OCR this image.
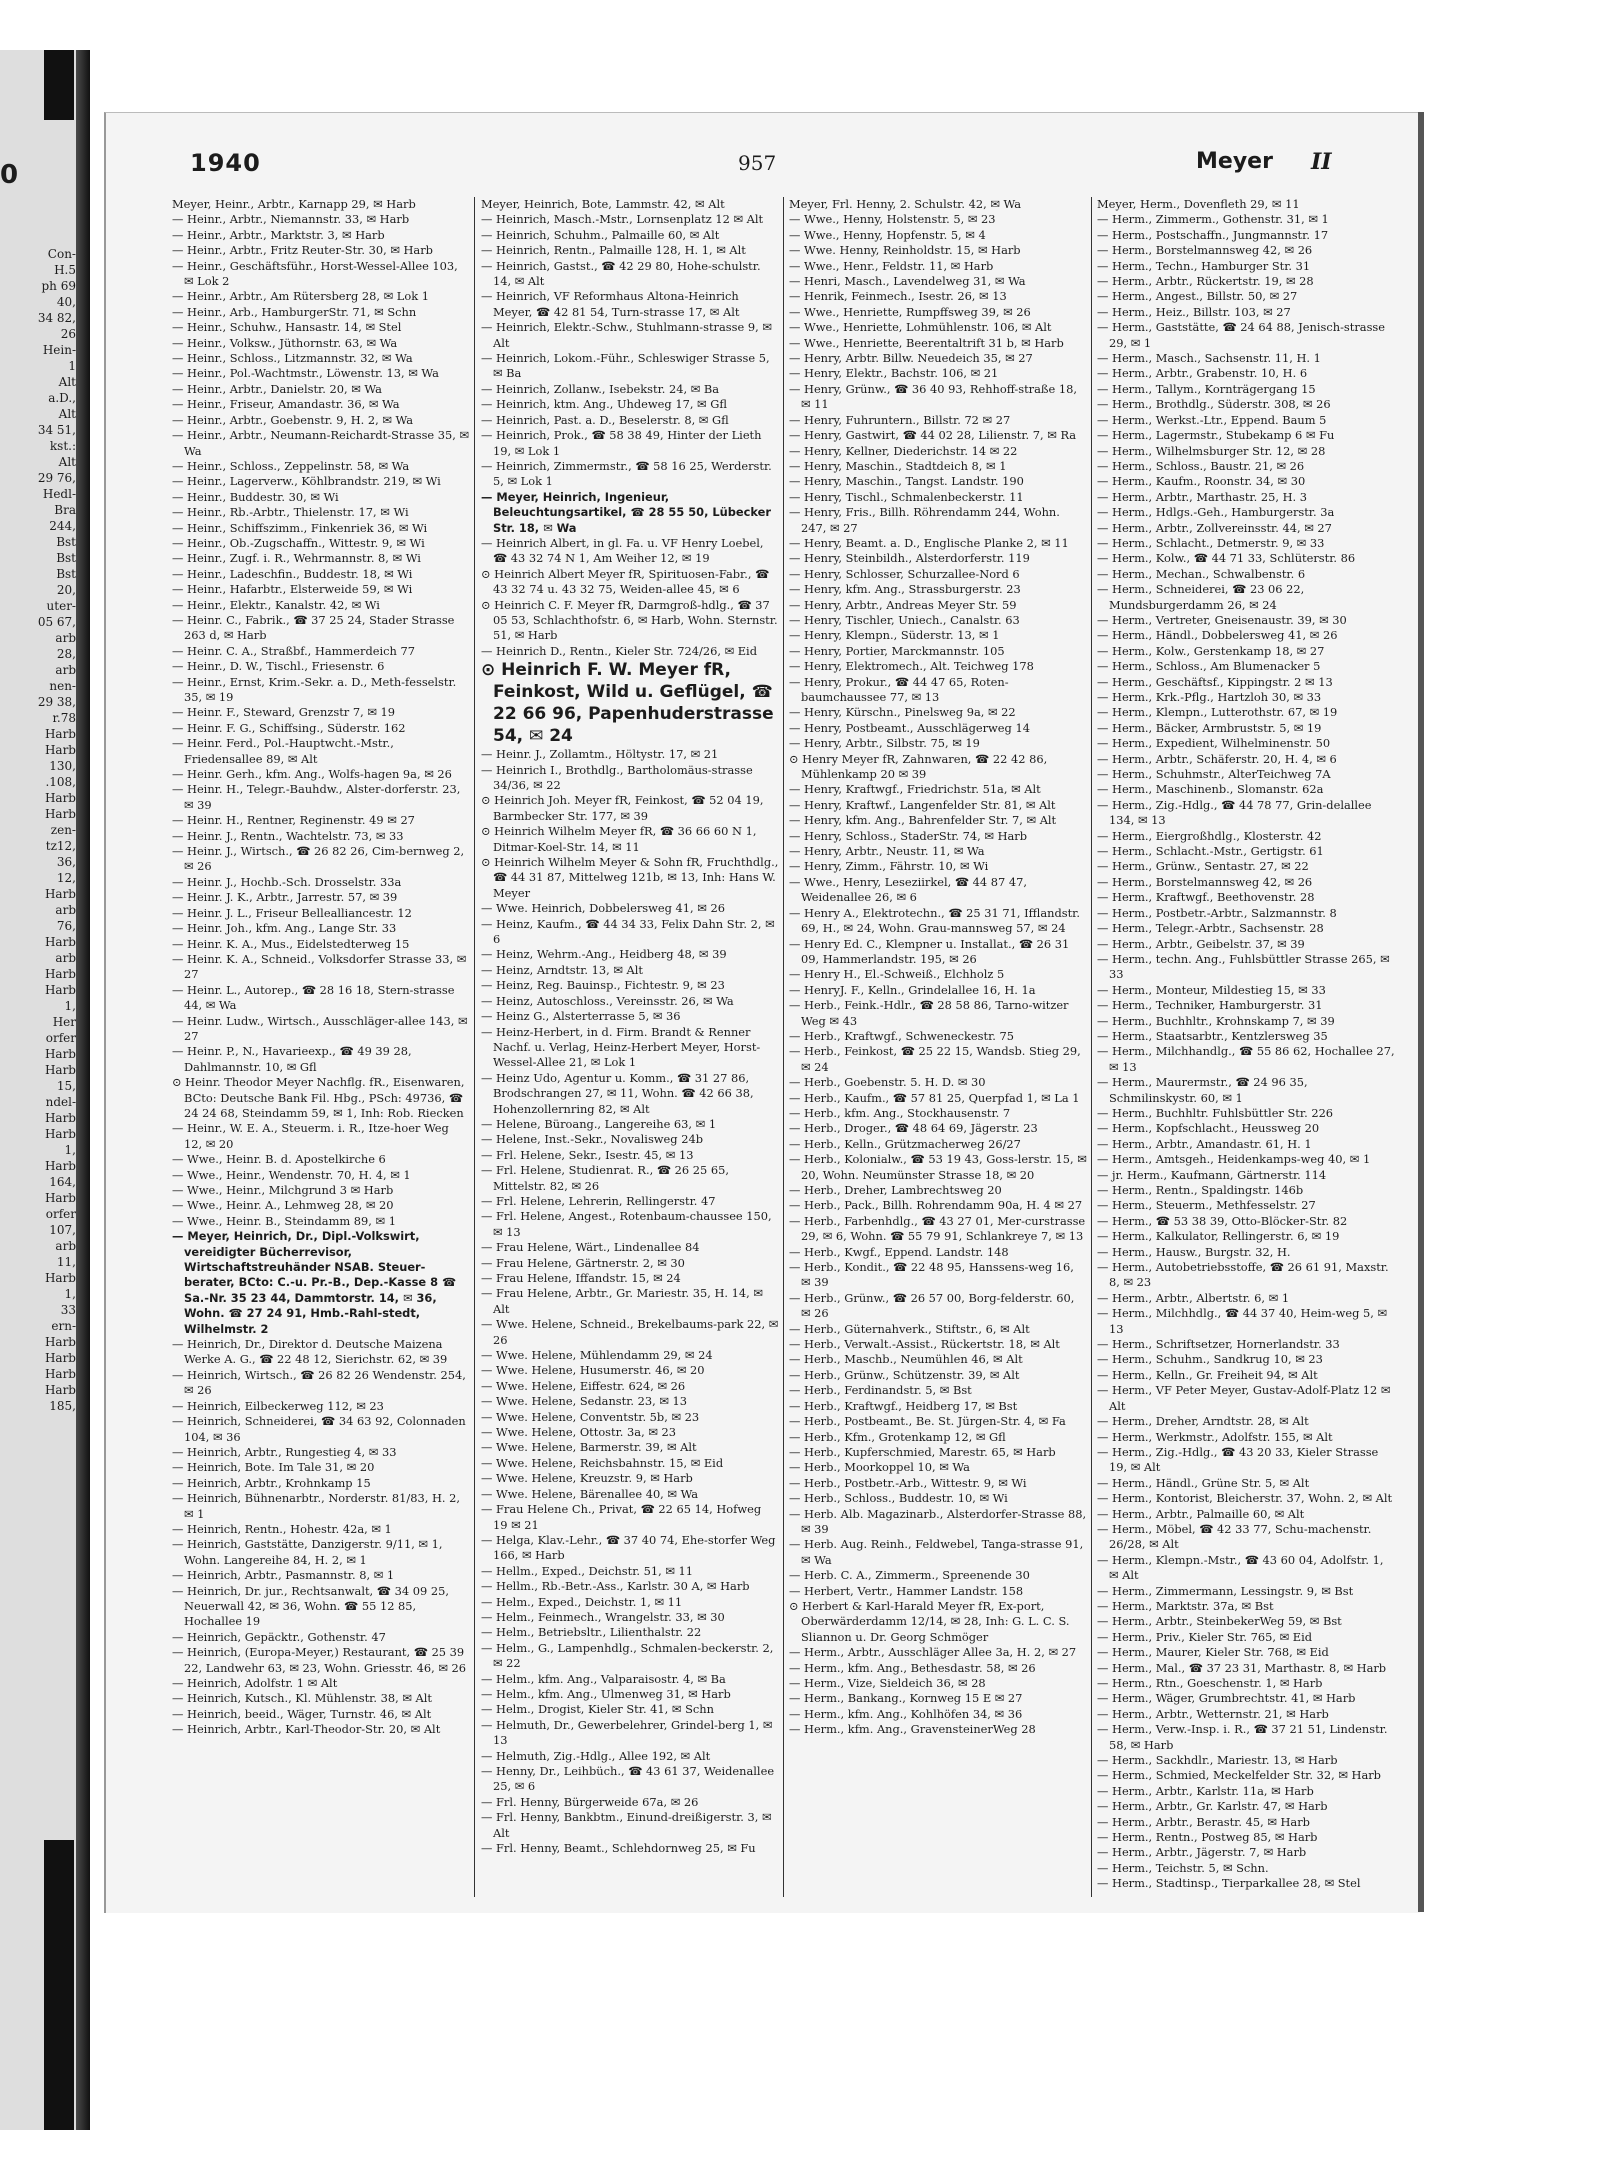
0
Con-
H.5
ph 69
40,
34 82,
26
Hein-
1
Alt
a.D.,
Alt
34 51,
kst.:
Alt
29 76,
Hedl-
Bra
244,
Bst
Bst
Bst
20,
uter-
05 67,
arb
28,
arb
nen-
29 38,
r.78
Harb
Harb
130,
.108,
Harb
Harb
zen-
tz12,
36,
12,
Harb
arb
76,
Harb
arb
Harb
Harb
1,
Her
orfer
Harb
Harb
15,
ndel-
Harb
Harb
1,
Harb
164,
Harb
orfer
107,
arb
11,
Harb
1,
33
ern-
Harb
Harb
Harb
Harb
185,
1940	957	Meyer II

Meyer, Heinr., Arbtr., Karnapp 29, ✉ Harb

— Heinr., Arbtr., Niemannstr. 33, ✉ Harb

— Heinr., Arbtr., Marktstr. 3, ✉ Harb

— Heinr., Arbtr., Fritz Reuter-Str. 30, ✉ Harb

— Heinr., Geschäftsführ., Horst-Wessel-Allee 103, ✉ Lok 2

— Heinr., Arbtr., Am Rütersberg 28, ✉ Lok 1

— Heinr., Arb., HamburgerStr. 71, ✉ Schn

— Heinr., Schuhw., Hansastr. 14, ✉ Stel

— Heinr., Volksw., Jüthornstr. 63, ✉ Wa

— Heinr., Schloss., Litzmannstr. 32, ✉ Wa

— Heinr., Pol.-Wachtmstr., Löwenstr. 13, ✉ Wa

— Heinr., Arbtr., Danielstr. 20, ✉ Wa

— Heinr., Friseur, Amandastr. 36, ✉ Wa

— Heinr., Arbtr., Goebenstr. 9, H. 2, ✉ Wa

— Heinr., Arbtr., Neumann-Reichardt-Strasse 35, ✉ Wa

— Heinr., Schloss., Zeppelinstr. 58, ✉ Wa

— Heinr., Lagerverw., Köhlbrandstr. 219, ✉ Wi

— Heinr., Buddestr. 30, ✉ Wi

— Heinr., Rb.-Arbtr., Thielenstr. 17, ✉ Wi

— Heinr., Schiffszimm., Finkenriek 36, ✉ Wi

— Heinr., Ob.-Zugschaffn., Wittestr. 9, ✉ Wi

— Heinr., Zugf. i. R., Wehrmannstr. 8, ✉ Wi

— Heinr., Ladeschfin., Buddestr. 18, ✉ Wi

— Heinr., Hafarbtr., Elsterweide 59, ✉ Wi

— Heinr., Elektr., Kanalstr. 42, ✉ Wi

— Heinr. C., Fabrik., ☎ 37 25 24, Stader Strasse 263 d, ✉ Harb

— Heinr. C. A., Straßbf., Hammerdeich 77

— Heinr., D. W., Tischl., Friesenstr. 6

— Heinr., Ernst, Krim.-Sekr. a. D., Meth-fesselstr. 35, ✉ 19

— Heinr. F., Steward, Grenzstr 7, ✉ 19

— Heinr. F. G., Schiffsing., Süderstr. 162

— Heinr. Ferd., Pol.-Hauptwcht.-Mstr., Friedensallee 89, ✉ Alt

— Heinr. Gerh., kfm. Ang., Wolfs-hagen 9a, ✉ 26

— Heinr. H., Telegr.-Bauhdw., Alster-dorferstr. 23, ✉ 39

— Heinr. H., Rentner, Reginenstr. 49 ✉ 27

— Heinr. J., Rentn., Wachtelstr. 73, ✉ 33

— Heinr. J., Wirtsch., ☎ 26 82 26, Cim-bernweg 2, ✉ 26

— Heinr. J., Hochb.-Sch. Drosselstr. 33a

— Heinr. J. K., Arbtr., Jarrestr. 57, ✉ 39

— Heinr. J. L., Friseur Bellealliancestr. 12

— Heinr. Joh., kfm. Ang., Lange Str. 33

— Heinr. K. A., Mus., Eidelstedterweg 15

— Heinr. K. A., Schneid., Volksdorfer Strasse 33, ✉ 27

— Heinr. L., Autorep., ☎ 28 16 18, Stern-strasse 44, ✉ Wa

— Heinr. Ludw., Wirtsch., Ausschläger-allee 143, ✉ 27

— Heinr. P., N., Havarieexp., ☎ 49 39 28, Dahlmannstr. 10, ✉ Gfl

⊙ Heinr. Theodor Meyer Nachflg. fR., Eisenwaren, BCto: Deutsche Bank Fil. Hbg., PSch: 49736, ☎ 24 24 68, Steindamm 59, ✉ 1, Inh: Rob. Riecken

— Heinr., W. E. A., Steuerm. i. R., Itze-hoer Weg 12, ✉ 20

— Wwe., Heinr. B. d. Apostelkirche 6

— Wwe., Heinr., Wendenstr. 70, H. 4, ✉ 1

— Wwe., Heinr., Milchgrund 3 ✉ Harb

— Wwe., Heinr. A., Lehmweg 28, ✉ 20

— Wwe., Heinr. B., Steindamm 89, ✉ 1

— Meyer, Heinrich, Dr., Dipl.-Volkswirt, vereidigter Bücherrevisor, Wirtschaftstreuhänder NSAB. Steuer-berater, BCto: C.-u. Pr.-B., Dep.-Kasse 8 ☎ Sa.-Nr. 35 23 44, Dammtorstr. 14, ✉ 36, Wohn. ☎ 27 24 91, Hmb.-Rahl-stedt, Wilhelmstr. 2

— Heinrich, Dr., Direktor d. Deutsche Maizena Werke A. G., ☎ 22 48 12, Sierichstr. 62, ✉ 39

— Heinrich, Wirtsch., ☎ 26 82 26 Wendenstr. 254, ✉ 26

— Heinrich, Eilbeckerweg 112, ✉ 23

— Heinrich, Schneiderei, ☎ 34 63 92, Colonnaden 104, ✉ 36

— Heinrich, Arbtr., Rungestieg 4, ✉ 33

— Heinrich, Bote. Im Tale 31, ✉ 20

— Heinrich, Arbtr., Krohnkamp 15

— Heinrich, Bühnenarbtr., Norderstr. 81/83, H. 2, ✉ 1

— Heinrich, Rentn., Hohestr. 42a, ✉ 1

— Heinrich, Gaststätte, Danzigerstr. 9/11, ✉ 1, Wohn. Langereihe 84, H. 2, ✉ 1

— Heinrich, Arbtr., Pasmannstr. 8, ✉ 1

— Heinrich, Dr. jur., Rechtsanwalt, ☎ 34 09 25, Neuerwall 42, ✉ 36, Wohn. ☎ 55 12 85, Hochallee 19

— Heinrich, Gepäcktr., Gothenstr. 47

— Heinrich, (Europa-Meyer,) Restaurant, ☎ 25 39 22, Landwehr 63, ✉ 23, Wohn. Griesstr. 46, ✉ 26

— Heinrich, Adolfstr. 1 ✉ Alt

— Heinrich, Kutsch., Kl. Mühlenstr. 38, ✉ Alt

— Heinrich, beeid., Wäger, Turnstr. 46, ✉ Alt

— Heinrich, Arbtr., Karl-Theodor-Str. 20, ✉ Alt

Meyer, Heinrich, Bote, Lammstr. 42, ✉ Alt

— Heinrich, Masch.-Mstr., Lornsenplatz 12 ✉ Alt

— Heinrich, Schuhm., Palmaille 60, ✉ Alt

— Heinrich, Rentn., Palmaille 128, H. 1, ✉ Alt

— Heinrich, Gastst., ☎ 42 29 80, Hohe-schulstr. 14, ✉ Alt

— Heinrich, VF Reformhaus Altona-Heinrich Meyer, ☎ 42 81 54, Turn-strasse 17, ✉ Alt

— Heinrich, Elektr.-Schw., Stuhlmann-strasse 9, ✉ Alt

— Heinrich, Lokom.-Führ., Schleswiger Strasse 5, ✉ Ba

— Heinrich, Zollanw., Isebekstr. 24, ✉ Ba

— Heinrich, ktm. Ang., Uhdeweg 17, ✉ Gfl

— Heinrich, Past. a. D., Beselerstr. 8, ✉ Gfl

— Heinrich, Prok., ☎ 58 38 49, Hinter der Lieth 19, ✉ Lok 1

— Heinrich, Zimmermstr., ☎ 58 16 25, Werderstr. 5, ✉ Lok 1

— Meyer, Heinrich, Ingenieur, Beleuchtungsartikel, ☎ 28 55 50, Lübecker Str. 18, ✉ Wa

— Heinrich Albert, in gl. Fa. u. VF Henry Loebel, ☎ 43 32 74 N 1, Am Weiher 12, ✉ 19

⊙ Heinrich Albert Meyer fR, Spirituosen-Fabr., ☎ 43 32 74 u. 43 32 75, Weiden-allee 45, ✉ 6

⊙ Heinrich C. F. Meyer fR, Darmgroß-hdlg., ☎ 37 05 53, Schlachthofstr. 6, ✉ Harb, Wohn. Sternstr. 51, ✉ Harb

— Heinrich D., Rentn., Kieler Str. 724/26, ✉ Eid

⊙ Heinrich F. W. Meyer fR, Feinkost, Wild u. Geflügel, ☎ 22 66 96, Papenhuderstrasse 54, ✉ 24

— Heinr. J., Zollamtm., Höltystr. 17, ✉ 21

— Heinrich I., Brothdlg., Bartholomäus-strasse 34/36, ✉ 22

⊙ Heinrich Joh. Meyer fR, Feinkost, ☎ 52 04 19, Barmbecker Str. 177, ✉ 39

⊙ Heinrich Wilhelm Meyer fR, ☎ 36 66 60 N 1, Ditmar-Koel-Str. 14, ✉ 11

⊙ Heinrich Wilhelm Meyer & Sohn fR, Fruchthdlg., ☎ 44 31 87, Mittelweg 121b, ✉ 13, Inh: Hans W. Meyer

— Wwe. Heinrich, Dobbelersweg 41, ✉ 26

— Heinz, Kaufm., ☎ 44 34 33, Felix Dahn Str. 2, ✉ 6

— Heinz, Wehrm.-Ang., Heidberg 48, ✉ 39

— Heinz, Arndtstr. 13, ✉ Alt

— Heinz, Reg. Bauinsp., Fichtestr. 9, ✉ 23

— Heinz, Autoschloss., Vereinsstr. 26, ✉ Wa

— Heinz G., Alsterterrasse 5, ✉ 36

— Heinz-Herbert, in d. Firm. Brandt & Renner Nachf. u. Verlag, Heinz-Herbert Meyer, Horst-Wessel-Allee 21, ✉ Lok 1

— Heinz Udo, Agentur u. Komm., ☎ 31 27 86, Brodschrangen 27, ✉ 11, Wohn. ☎ 42 66 38, Hohenzollernring 82, ✉ Alt

— Helene, Büroang., Langereihe 63, ✉ 1

— Helene, Inst.-Sekr., Novalisweg 24b

— Frl. Helene, Sekr., Isestr. 45, ✉ 13

— Frl. Helene, Studienrat. R., ☎ 26 25 65, Mittelstr. 82, ✉ 26

— Frl. Helene, Lehrerin, Rellingerstr. 47

— Frl. Helene, Angest., Rotenbaum-chaussee 150, ✉ 13

— Frau Helene, Wärt., Lindenallee 84

— Frau Helene, Gärtnerstr. 2, ✉ 30

— Frau Helene, Iffandstr. 15, ✉ 24

— Frau Helene, Arbtr., Gr. Mariestr. 35, H. 14, ✉ Alt

— Wwe. Helene, Schneid., Brekelbaums-park 22, ✉ 26

— Wwe. Helene, Mühlendamm 29, ✉ 24

— Wwe. Helene, Husumerstr. 46, ✉ 20

— Wwe. Helene, Eiffestr. 624, ✉ 26

— Wwe. Helene, Sedanstr. 23, ✉ 13

— Wwe. Helene, Conventstr. 5b, ✉ 23

— Wwe. Helene, Ottostr. 3a, ✉ 23

— Wwe. Helene, Barmerstr. 39, ✉ Alt

— Wwe. Helene, Reichsbahnstr. 15, ✉ Eid

— Wwe. Helene, Kreuzstr. 9, ✉ Harb

— Wwe. Helene, Bärenallee 40, ✉ Wa

— Frau Helene Ch., Privat, ☎ 22 65 14, Hofweg 19 ✉ 21

— Helga, Klav.-Lehr., ☎ 37 40 74, Ehe-storfer Weg 166, ✉ Harb

— Hellm., Exped., Deichstr. 51, ✉ 11

— Hellm., Rb.-Betr.-Ass., Karlstr. 30 A, ✉ Harb

— Helm., Exped., Deichstr. 1, ✉ 11

— Helm., Feinmech., Wrangelstr. 33, ✉ 30

— Helm., Betriebsltr., Lilienthalstr. 22

— Helm., G., Lampenhdlg., Schmalen-beckerstr. 2, ✉ 22

— Helm., kfm. Ang., Valparaisostr. 4, ✉ Ba

— Helm., kfm. Ang., Ulmenweg 31, ✉ Harb

— Helm., Drogist, Kieler Str. 41, ✉ Schn

— Helmuth, Dr., Gewerbelehrer, Grindel-berg 1, ✉ 13

— Helmuth, Zig.-Hdlg., Allee 192, ✉ Alt

— Henny, Dr., Leihbüch., ☎ 43 61 37, Weidenallee 25, ✉ 6

— Frl. Henny, Bürgerweide 67a, ✉ 26

— Frl. Henny, Bankbtm., Einund-dreißigerstr. 3, ✉ Alt

— Frl. Henny, Beamt., Schlehdornweg 25, ✉ Fu

Meyer, Frl. Henny, 2. Schulstr. 42, ✉ Wa

— Wwe., Henny, Holstenstr. 5, ✉ 23

— Wwe., Henny, Hopfenstr. 5, ✉ 4

— Wwe. Henny, Reinholdstr. 15, ✉ Harb

— Wwe., Henr., Feldstr. 11, ✉ Harb

— Henri, Masch., Lavendelweg 31, ✉ Wa

— Henrik, Feinmech., Isestr. 26, ✉ 13

— Wwe., Henriette, Rumpffsweg 39, ✉ 26

— Wwe., Henriette, Lohmühlenstr. 106, ✉ Alt

— Wwe., Henriette, Beerentaltrift 31 b, ✉ Harb

— Henry, Arbtr. Billw. Neuedeich 35, ✉ 27

— Henry, Elektr., Bachstr. 106, ✉ 21

— Henry, Grünw., ☎ 36 40 93, Rehhoff-straße 18, ✉ 11

— Henry, Fuhruntern., Billstr. 72 ✉ 27

— Henry, Gastwirt, ☎ 44 02 28, Lilienstr. 7, ✉ Ra

— Henry, Kellner, Diederichstr. 14 ✉ 22

— Henry, Maschin., Stadtdeich 8, ✉ 1

— Henry, Maschin., Tangst. Landstr. 190

— Henry, Tischl., Schmalenbeckerstr. 11

— Henry, Fris., Billh. Röhrendamm 244, Wohn. 247, ✉ 27

— Henry, Beamt. a. D., Englische Planke 2, ✉ 11

— Henry, Steinbildh., Alsterdorferstr. 119

— Henry, Schlosser, Schurzallee-Nord 6

— Henry, kfm. Ang., Strassburgerstr. 23

— Henry, Arbtr., Andreas Meyer Str. 59

— Henry, Tischler, Uniech., Canalstr. 63

— Henry, Klempn., Süderstr. 13, ✉ 1

— Henry, Portier, Marckmannstr. 105

— Henry, Elektromech., Alt. Teichweg 178

— Henry, Prokur., ☎ 44 47 65, Roten-baumchaussee 77, ✉ 13

— Henry, Kürschn., Pinelsweg 9a, ✉ 22

— Henry, Postbeamt., Ausschlägerweg 14

— Henry, Arbtr., Silbstr. 75, ✉ 19

⊙ Henry Meyer fR, Zahnwaren, ☎ 22 42 86, Mühlenkamp 20 ✉ 39

— Henry, Kraftwgf., Friedrichstr. 51a, ✉ Alt

— Henry, Kraftwf., Langenfelder Str. 81, ✉ Alt

— Henry, kfm. Ang., Bahrenfelder Str. 7, ✉ Alt

— Henry, Schloss., StaderStr. 74, ✉ Harb

— Henry, Arbtr., Neustr. 11, ✉ Wa

— Henry, Zimm., Fährstr. 10, ✉ Wi

— Wwe., Henry, Leseziirkel, ☎ 44 87 47, Weidenallee 26, ✉ 6

— Henry A., Elektrotechn., ☎ 25 31 71, Ifflandstr. 69, H., ✉ 24, Wohn. Grau-mannsweg 57, ✉ 24

— Henry Ed. C., Klempner u. Installat., ☎ 26 31 09, Hammerlandstr. 195, ✉ 26

— Henry H., El.-Schweiß., Elchholz 5

— HenryJ. F., Kelln., Grindelallee 16, H. 1a

— Herb., Feink.-Hdlr., ☎ 28 58 86, Tarno-witzer Weg ✉ 43

— Herb., Kraftwgf., Schweneckestr. 75

— Herb., Feinkost, ☎ 25 22 15, Wandsb. Stieg 29, ✉ 24

— Herb., Goebenstr. 5. H. D. ✉ 30

— Herb., Kaufm., ☎ 57 81 25, Querpfad 1, ✉ La 1

— Herb., kfm. Ang., Stockhausenstr. 7

— Herb., Droger., ☎ 48 64 69, Jägerstr. 23

— Herb., Kelln., Grützmacherweg 26/27

— Herb., Kolonialw., ☎ 53 19 43, Goss-lerstr. 15, ✉ 20, Wohn. Neumünster Strasse 18, ✉ 20

— Herb., Dreher, Lambrechtsweg 20

— Herb., Pack., Billh. Rohrendamm 90a, H. 4 ✉ 27

— Herb., Farbenhdlg., ☎ 43 27 01, Mer-curstrasse 29, ✉ 6, Wohn. ☎ 55 79 91, Schlankreye 7, ✉ 13

— Herb., Kwgf., Eppend. Landstr. 148

— Herb., Kondit., ☎ 22 48 95, Hanssens-weg 16, ✉ 39

— Herb., Grünw., ☎ 26 57 00, Borg-felderstr. 60, ✉ 26

— Herb., Güternahverk., Stiftstr., 6, ✉ Alt

— Herb., Verwalt.-Assist., Rückertstr. 18, ✉ Alt

— Herb., Maschb., Neumühlen 46, ✉ Alt

— Herb., Grünw., Schützenstr. 39, ✉ Alt

— Herb., Ferdinandstr. 5, ✉ Bst

— Herb., Kraftwgf., Heidberg 17, ✉ Bst

— Herb., Postbeamt., Be. St. Jürgen-Str. 4, ✉ Fa

— Herb., Kfm., Grotenkamp 12, ✉ Gfl

— Herb., Kupferschmied, Marestr. 65, ✉ Harb

— Herb., Moorkoppel 10, ✉ Wa

— Herb., Postbetr.-Arb., Wittestr. 9, ✉ Wi

— Herb., Schloss., Buddestr. 10, ✉ Wi

— Herb. Alb. Magazinarb., Alsterdorfer-Strasse 88, ✉ 39

— Herb. Aug. Reinh., Feldwebel, Tanga-strasse 91, ✉ Wa

— Herb. C. A., Zimmerm., Spreenende 30

— Herbert, Vertr., Hammer Landstr. 158

⊙ Herbert & Karl-Harald Meyer fR, Ex-port, Oberwärderdamm 12/14, ✉ 28, Inh: G. L. C. S. Sliannon u. Dr. Georg Schmöger

— Herm., Arbtr., Ausschläger Allee 3a, H. 2, ✉ 27

— Herm., kfm. Ang., Bethesdastr. 58, ✉ 26

— Herm., Vize, Sieldeich 36, ✉ 28

— Herm., Bankang., Kornweg 15 E ✉ 27

— Herm., kfm. Ang., Kohlhöfen 34, ✉ 36

— Herm., kfm. Ang., GravensteinerWeg 28

Meyer, Herm., Dovenfleth 29, ✉ 11

— Herm., Zimmerm., Gothenstr. 31, ✉ 1

— Herm., Postschaffn., Jungmannstr. 17

— Herm., Borstelmannsweg 42, ✉ 26

— Herm., Techn., Hamburger Str. 31

— Herm., Arbtr., Rückertstr. 19, ✉ 28

— Herm., Angest., Billstr. 50, ✉ 27

— Herm., Heiz., Billstr. 103, ✉ 27

— Herm., Gaststätte, ☎ 24 64 88, Jenisch-strasse 29, ✉ 1

— Herm., Masch., Sachsenstr. 11, H. 1

— Herm., Arbtr., Grabenstr. 10, H. 6

— Herm., Tallym., Kornträgergang 15

— Herm., Brothdlg., Süderstr. 308, ✉ 26

— Herm., Werkst.-Ltr., Eppend. Baum 5

— Herm., Lagermstr., Stubekamp 6 ✉ Fu

— Herm., Wilhelmsburger Str. 12, ✉ 28

— Herm., Schloss., Baustr. 21, ✉ 26

— Herm., Kaufm., Roonstr. 34, ✉ 30

— Herm., Arbtr., Marthastr. 25, H. 3

— Herm., Hdlgs.-Geh., Hamburgerstr. 3a

— Herm., Arbtr., Zollvereinsstr. 44, ✉ 27

— Herm., Schlacht., Detmerstr. 9, ✉ 33

— Herm., Kolw., ☎ 44 71 33, Schlüterstr. 86

— Herm., Mechan., Schwalbenstr. 6

— Herm., Schneiderei, ☎ 23 06 22, Mundsburgerdamm 26, ✉ 24

— Herm., Vertreter, Gneisenaustr. 39, ✉ 30

— Herm., Händl., Dobbelersweg 41, ✉ 26

— Herm., Kolw., Gerstenkamp 18, ✉ 27

— Herm., Schloss., Am Blumenacker 5

— Herm., Geschäftsf., Kippingstr. 2 ✉ 13

— Herm., Krk.-Pflg., Hartzloh 30, ✉ 33

— Herm., Klempn., Lutterothstr. 67, ✉ 19

— Herm., Bäcker, Armbruststr. 5, ✉ 19

— Herm., Expedient, Wilhelminenstr. 50

— Herm., Arbtr., Schäferstr. 20, H. 4, ✉ 6

— Herm., Schuhmstr., AlterTeichweg 7A

— Herm., Maschinenb., Slomanstr. 62a

— Herm., Zig.-Hdlg., ☎ 44 78 77, Grin-delallee 134, ✉ 13

— Herm., Eiergroßhdlg., Klosterstr. 42

— Herm., Schlacht.-Mstr., Gertigstr. 61

— Herm., Grünw., Sentastr. 27, ✉ 22

— Herm., Borstelmannsweg 42, ✉ 26

— Herm., Kraftwgf., Beethovenstr. 28

— Herm., Postbetr.-Arbtr., Salzmannstr. 8

— Herm., Telegr.-Arbtr., Sachsenstr. 28

— Herm., Arbtr., Geibelstr. 37, ✉ 39

— Herm., techn. Ang., Fuhlsbüttler Strasse 265, ✉ 33

— Herm., Monteur, Mildestieg 15, ✉ 33

— Herm., Techniker, Hamburgerstr. 31

— Herm., Buchhltr., Krohnskamp 7, ✉ 39

— Herm., Staatsarbtr., Kentzlersweg 35

— Herm., Milchhandlg., ☎ 55 86 62, Hochallee 27, ✉ 13

— Herm., Maurermstr., ☎ 24 96 35, Schmilinskystr. 60, ✉ 1

— Herm., Buchhltr. Fuhlsbüttler Str. 226

— Herm., Kopfschlacht., Heussweg 20

— Herm., Arbtr., Amandastr. 61, H. 1

— Herm., Amtsgeh., Heidenkamps-weg 40, ✉ 1

— jr. Herm., Kaufmann, Gärtnerstr. 114

— Herm., Rentn., Spaldingstr. 146b

— Herm., Steuerm., Methfesselstr. 27

— Herm., ☎ 53 38 39, Otto-Blöcker-Str. 82

— Herm., Kalkulator, Rellingerstr. 6, ✉ 19

— Herm., Hausw., Burgstr. 32, H.

— Herm., Autobetriebsstoffe, ☎ 26 61 91, Maxstr. 8, ✉ 23

— Herm., Arbtr., Albertstr. 6, ✉ 1

— Herm., Milchhdlg., ☎ 44 37 40, Heim-weg 5, ✉ 13

— Herm., Schriftsetzer, Hornerlandstr. 33

— Herm., Schuhm., Sandkrug 10, ✉ 23

— Herm., Kelln., Gr. Freiheit 94, ✉ Alt

— Herm., VF Peter Meyer, Gustav-Adolf-Platz 12 ✉ Alt

— Herm., Dreher, Arndtstr. 28, ✉ Alt

— Herm., Werkmstr., Adolfstr. 155, ✉ Alt

— Herm., Zig.-Hdlg., ☎ 43 20 33, Kieler Strasse 19, ✉ Alt

— Herm., Händl., Grüne Str. 5, ✉ Alt

— Herm., Kontorist, Bleicherstr. 37, Wohn. 2, ✉ Alt

— Herm., Arbtr., Palmaille 60, ✉ Alt

— Herm., Möbel, ☎ 42 33 77, Schu-machenstr. 26/28, ✉ Alt

— Herm., Klempn.-Mstr., ☎ 43 60 04, Adolfstr. 1, ✉ Alt

— Herm., Zimmermann, Lessingstr. 9, ✉ Bst

— Herm., Marktstr. 37a, ✉ Bst

— Herm., Arbtr., SteinbekerWeg 59, ✉ Bst

— Herm., Priv., Kieler Str. 765, ✉ Eid

— Herm., Maurer, Kieler Str. 768, ✉ Eid

— Herm., Mal., ☎ 37 23 31, Marthastr. 8, ✉ Harb

— Herm., Rtn., Goeschenstr. 1, ✉ Harb

— Herm., Wäger, Grumbrechtstr. 41, ✉ Harb

— Herm., Arbtr., Wetternstr. 21, ✉ Harb

— Herm., Verw.-Insp. i. R., ☎ 37 21 51, Lindenstr. 58, ✉ Harb

— Herm., Sackhdlr., Mariestr. 13, ✉ Harb

— Herm., Schmied, Meckelfelder Str. 32, ✉ Harb

— Herm., Arbtr., Karlstr. 11a, ✉ Harb

— Herm., Arbtr., Gr. Karlstr. 47, ✉ Harb

— Herm., Arbtr., Berastr. 45, ✉ Harb

— Herm., Rentn., Postweg 85, ✉ Harb

— Herm., Arbtr., Jägerstr. 7, ✉ Harb

— Herm., Teichstr. 5, ✉ Schn.

— Herm., Stadtinsp., Tierparkallee 28, ✉ Stel
